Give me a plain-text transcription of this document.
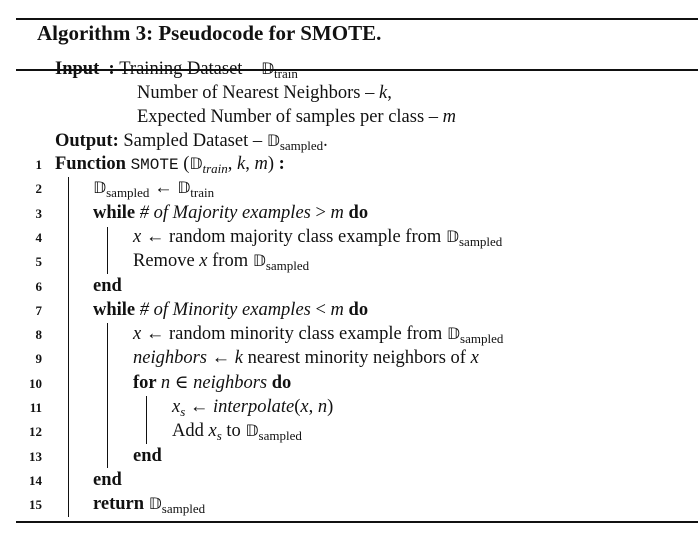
Algorithm 3: Pseudocode for SMOTE.
Input  : Training Dataset – 𝔻$_{train}$
Number of Nearest Neighbors – k,
Expected Number of samples per class – m
Output: Sampled Dataset – 𝔻$_{sampled}$.
1 Function SMOTE (𝔻$_{train}$, k, m) :
2	𝔻$_{sampled}$ ← 𝔻$_{train}$
3	while # of Majority examples > m do
4	x ← random majority class example from 𝔻$_{sampled}$
5	Remove x from 𝔻$_{sampled}$
6	end
7	while # of Minority examples < m do
8	x ← random minority class example from 𝔻$_{sampled}$
9	neighbors ← k nearest minority neighbors of x
10	for n ∈ neighbors do
11	$x_s$ ← interpolate(x, n)
12	Add $x_s$ to 𝔻$_{sampled}$
13	end
14	end
15	return 𝔻$_{sampled}$
